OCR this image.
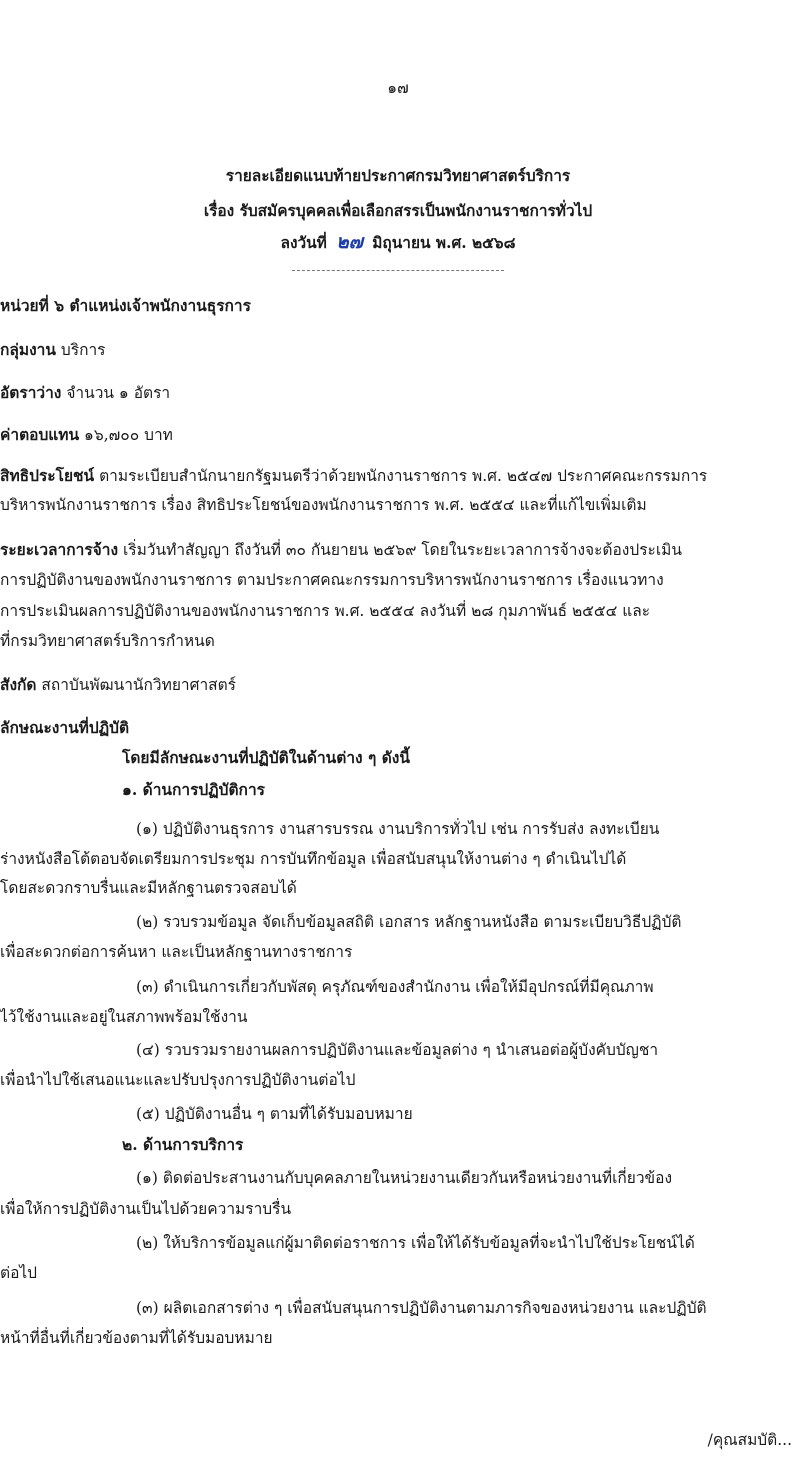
๑๗
รายละเอียดแนบท้ายประกาศกรมวิทยาศาสตร์บริการ
เรื่อง รับสมัครบุคคลเพื่อเลือกสรรเป็นพนักงานราชการทั่วไป
ลงวันที่ ๒๗ มิถุนายน พ.ศ. ๒๕๖๘
หน่วยที่ ๖ ตำแหน่งเจ้าพนักงานธุรการ
กลุ่มงาน บริการ
อัตราว่าง จำนวน ๑ อัตรา
ค่าตอบแทน ๑๖,๗๐๐ บาท
สิทธิประโยชน์ ตามระเบียบสำนักนายกรัฐมนตรีว่าด้วยพนักงานราชการ พ.ศ. ๒๕๔๗ ประกาศคณะกรรมการ
บริหารพนักงานราชการ เรื่อง สิทธิประโยชน์ของพนักงานราชการ พ.ศ. ๒๕๕๔ และที่แก้ไขเพิ่มเติม
ระยะเวลาการจ้าง เริ่มวันทำสัญญา ถึงวันที่ ๓๐ กันยายน ๒๕๖๙ โดยในระยะเวลาการจ้างจะต้องประเมิน
การปฏิบัติงานของพนักงานราชการ ตามประกาศคณะกรรมการบริหารพนักงานราชการ เรื่องแนวทาง
การประเมินผลการปฏิบัติงานของพนักงานราชการ พ.ศ. ๒๕๕๔ ลงวันที่ ๒๘ กุมภาพันธ์ ๒๕๕๔ และ
ที่กรมวิทยาศาสตร์บริการกำหนด
สังกัด สถาบันพัฒนานักวิทยาศาสตร์
ลักษณะงานที่ปฏิบัติ
โดยมีลักษณะงานที่ปฏิบัติในด้านต่าง ๆ ดังนี้
๑. ด้านการปฏิบัติการ
(๑) ปฏิบัติงานธุรการ งานสารบรรณ งานบริการทั่วไป เช่น การรับส่ง ลงทะเบียน
ร่างหนังสือโต้ตอบจัดเตรียมการประชุม การบันทึกข้อมูล เพื่อสนับสนุนให้งานต่าง ๆ ดำเนินไปได้
โดยสะดวกราบรื่นและมีหลักฐานตรวจสอบได้
(๒) รวบรวมข้อมูล จัดเก็บข้อมูลสถิติ เอกสาร หลักฐานหนังสือ ตามระเบียบวิธีปฏิบัติ
เพื่อสะดวกต่อการค้นหา และเป็นหลักฐานทางราชการ
(๓) ดำเนินการเกี่ยวกับพัสดุ ครุภัณฑ์ของสำนักงาน เพื่อให้มีอุปกรณ์ที่มีคุณภาพ
ไว้ใช้งานและอยู่ในสภาพพร้อมใช้งาน
(๔) รวบรวมรายงานผลการปฏิบัติงานและข้อมูลต่าง ๆ นำเสนอต่อผู้บังคับบัญชา
เพื่อนำไปใช้เสนอแนะและปรับปรุงการปฏิบัติงานต่อไป
(๕) ปฏิบัติงานอื่น ๆ ตามที่ได้รับมอบหมาย
๒. ด้านการบริการ
(๑) ติดต่อประสานงานกับบุคคลภายในหน่วยงานเดียวกันหรือหน่วยงานที่เกี่ยวข้อง
เพื่อให้การปฏิบัติงานเป็นไปด้วยความราบรื่น
(๒) ให้บริการข้อมูลแก่ผู้มาติดต่อราชการ เพื่อให้ได้รับข้อมูลที่จะนำไปใช้ประโยชน์ได้
ต่อไป
(๓) ผลิตเอกสารต่าง ๆ เพื่อสนับสนุนการปฏิบัติงานตามภารกิจของหน่วยงาน และปฏิบัติ
หน้าที่อื่นที่เกี่ยวข้องตามที่ได้รับมอบหมาย
/คุณสมบัติ...
